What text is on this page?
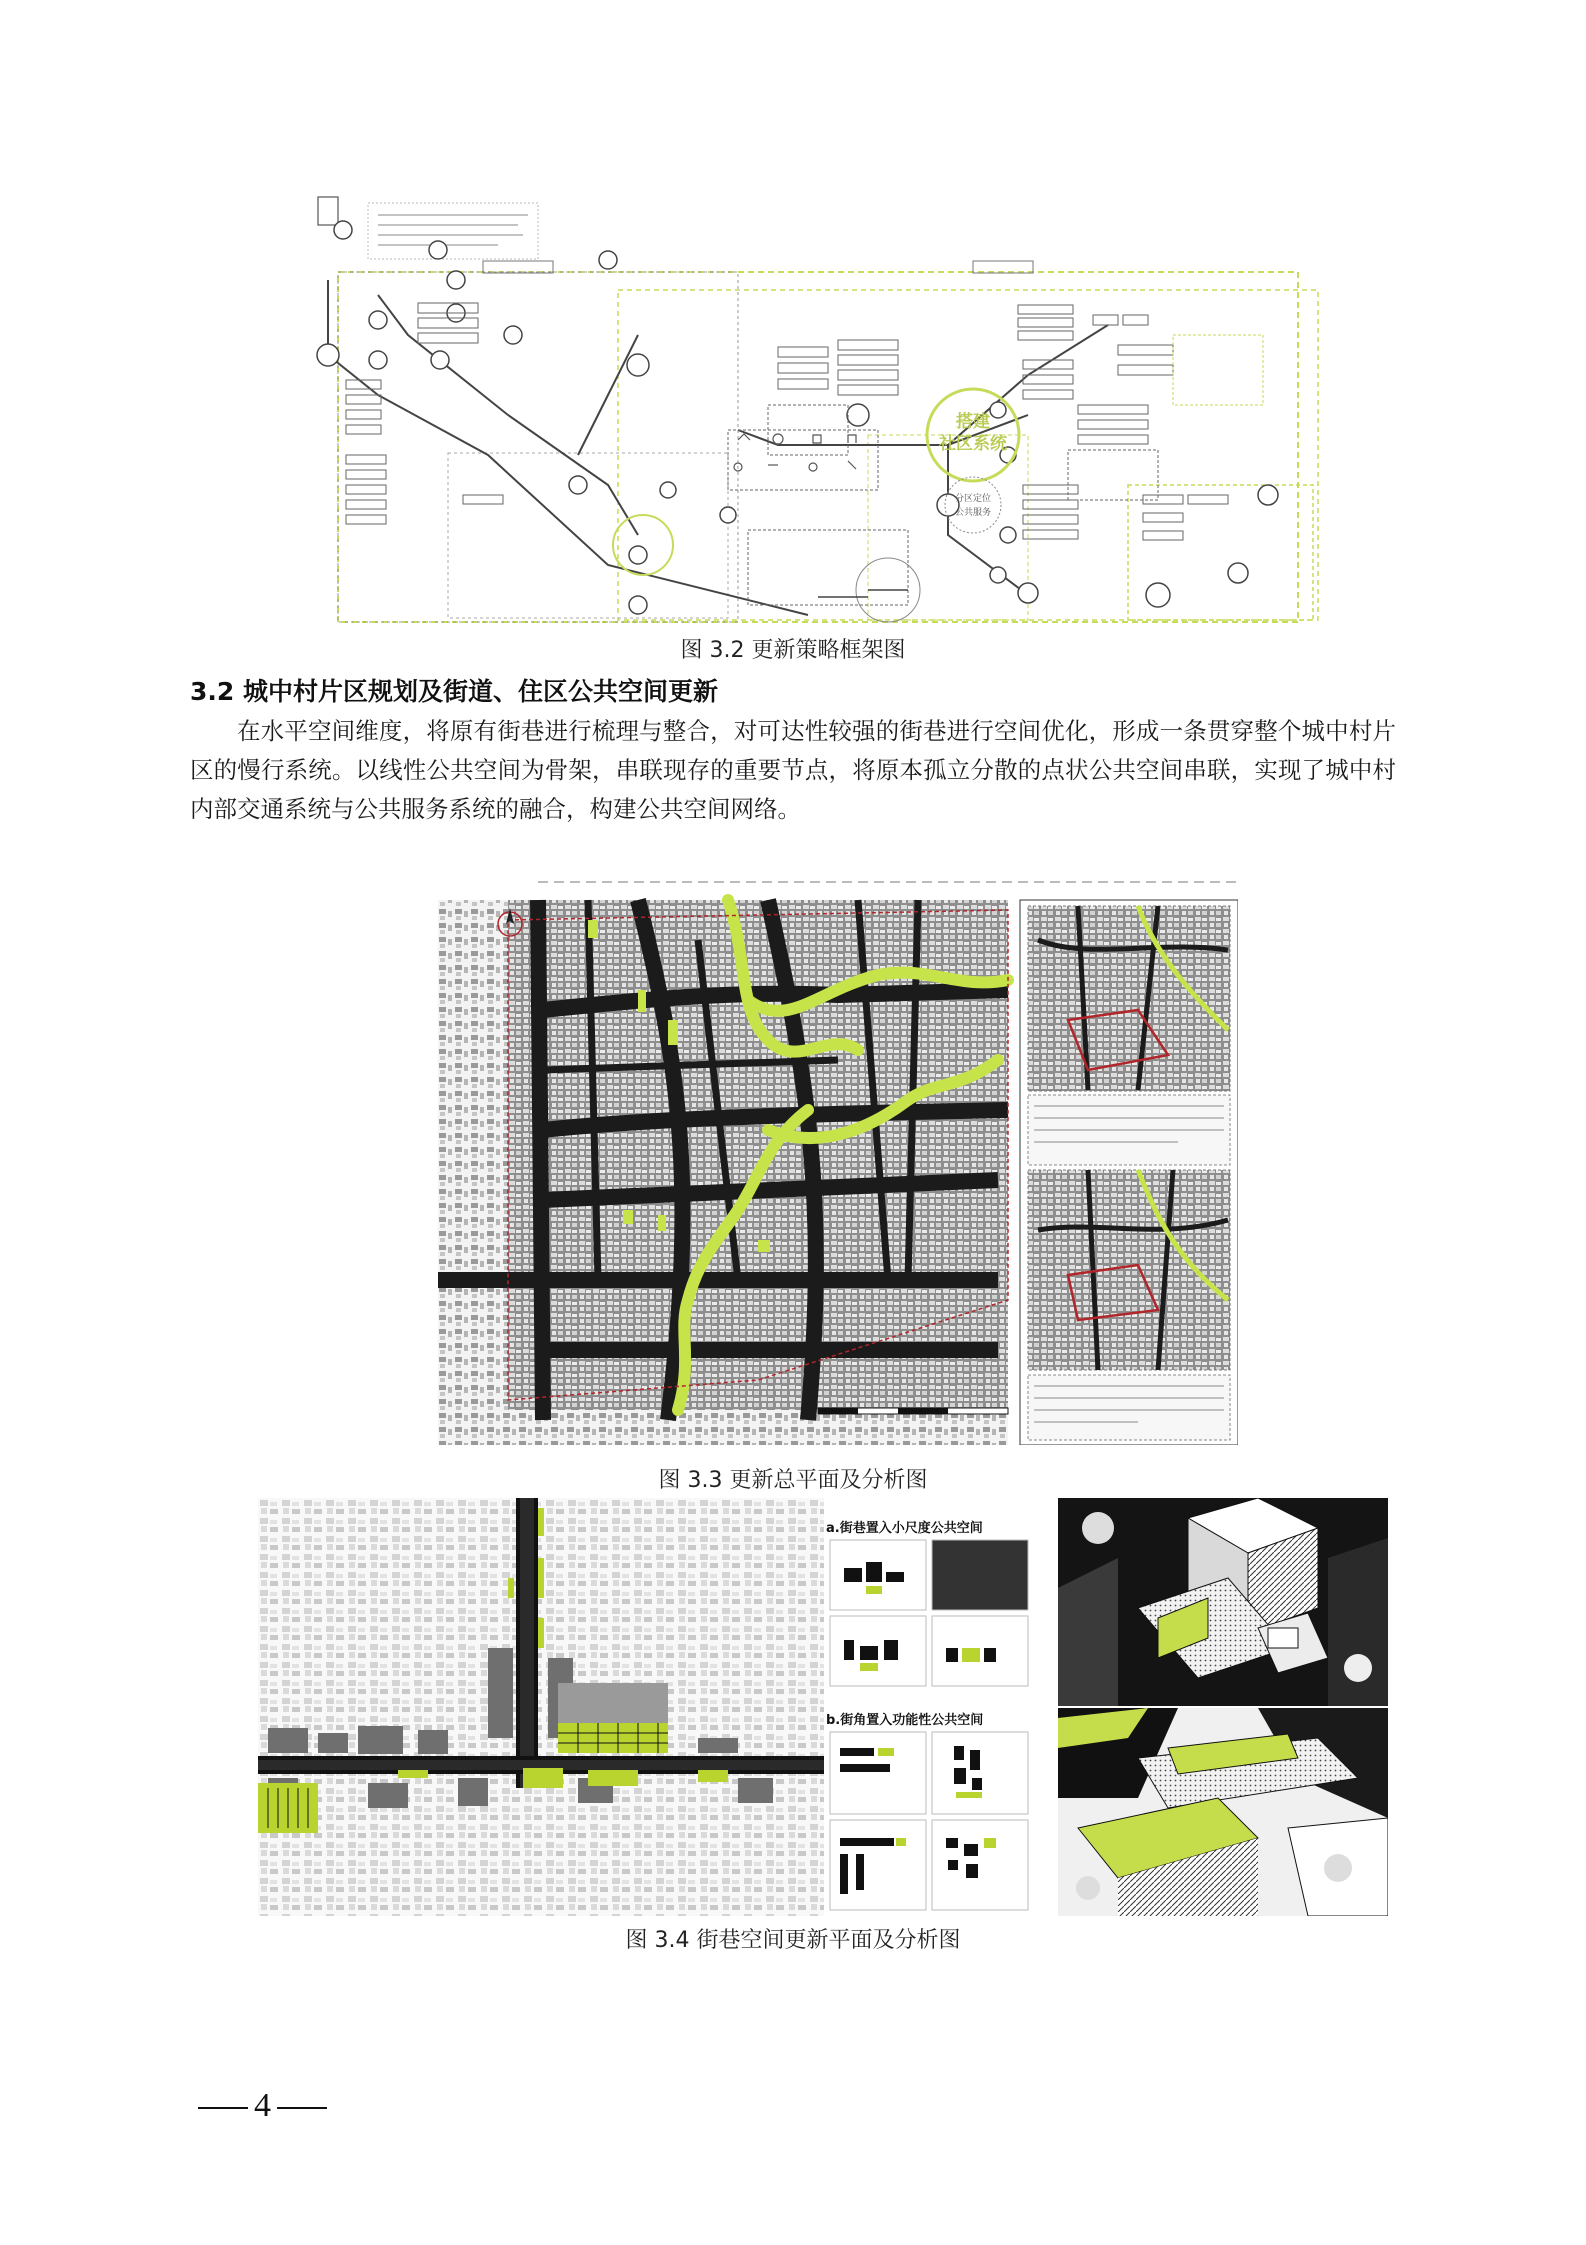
搭建
社区系统
分区定位
公共服务
图 3.2 更新策略框架图
3.2 城中村片区规划及街道、住区公共空间更新
在水平空间维度，将原有街巷进行梳理与整合，对可达性较强的街巷进行空间优化，形成一条贯穿整个城中村片区的慢行系统。以线性公共空间为骨架，串联现存的重要节点，将原本孤立分散的点状公共空间串联，实现了城中村内部交通系统与公共服务系统的融合，构建公共空间网络。
图 3.3 更新总平面及分析图
a.街巷置入小尺度公共空间
b.街角置入功能性公共空间
图 3.4 街巷空间更新平面及分析图
4
